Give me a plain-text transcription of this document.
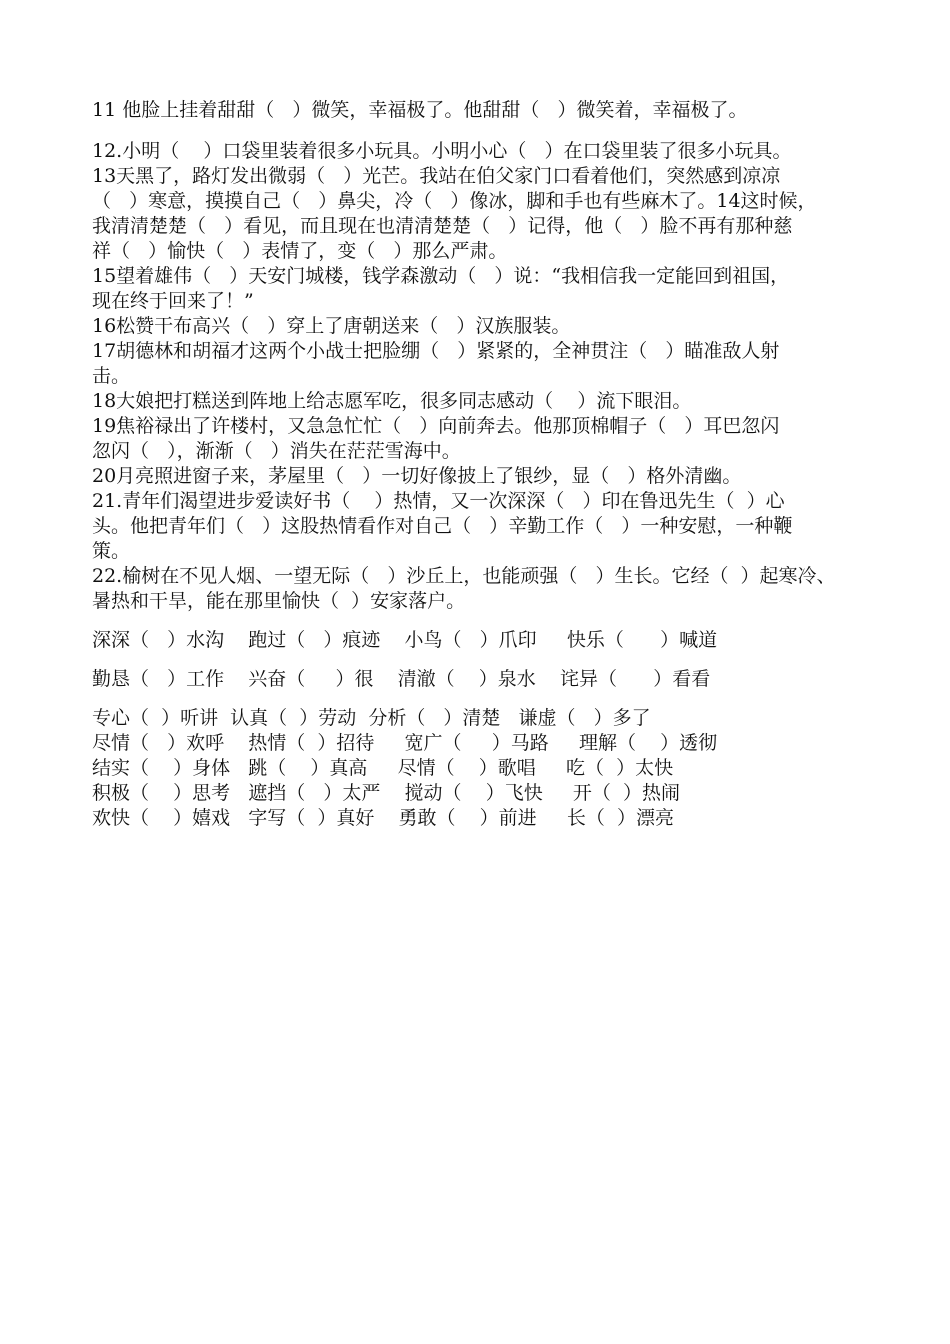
11 他脸上挂着甜甜（   ）微笑，幸福极了。他甜甜（   ）微笑着，幸福极了。

12.小明（    ）口袋里装着很多小玩具。小明小心（   ）在口袋里装了很多小玩具。

13天黑了，路灯发出微弱（   ）光芒。我站在伯父家门口看着他们，突然感到凉凉

（   ）寒意，摸摸自己（   ）鼻尖，冷（   ）像冰，脚和手也有些麻木了。14这时候，

我清清楚楚（   ）看见，而且现在也清清楚楚（   ）记得，他（   ）脸不再有那种慈

祥（   ）愉快（   ）表情了，变（   ）那么严肃。

15望着雄伟（   ）天安门城楼，钱学森激动（   ）说：“我相信我一定能回到祖国，

现在终于回来了！”

16松赞干布高兴（   ）穿上了唐朝送来（   ）汉族服装。

17胡德林和胡福才这两个小战士把脸绷（   ）紧紧的，全神贯注（   ）瞄准敌人射

击。

18大娘把打糕送到阵地上给志愿军吃，很多同志感动（    ）流下眼泪。

19焦裕禄出了许楼村，又急急忙忙（   ）向前奔去。他那顶棉帽子（   ）耳巴忽闪

忽闪（   ），渐渐（   ）消失在茫茫雪海中。

20月亮照进窗子来，茅屋里（   ）一切好像披上了银纱，显（   ）格外清幽。

21.青年们渴望进步爱读好书（    ）热情，又一次深深（   ）印在鲁迅先生（  ）心

头。他把青年们（   ）这股热情看作对自己（   ）辛勤工作（   ）一种安慰，一种鞭

策。

22.榆树在不见人烟、一望无际（   ）沙丘上，也能顽强（   ）生长。它经（  ）起寒冷、

暑热和干旱，能在那里愉快（  ）安家落户。

深深（   ）水沟    跑过（   ）痕迹    小鸟（   ）爪印     快乐（      ）喊道

勤恳（   ）工作    兴奋（     ）很    清澈（    ）泉水    诧异（      ）看看

专心（  ）听讲  认真（  ）劳动  分析（   ）清楚   谦虚（   ）多了

尽情（   ）欢呼    热情（  ）招待     宽广（     ）马路     理解（    ）透彻

结实（    ）身体   跳（    ）真高     尽情（    ）歌唱     吃（  ）太快

积极（    ）思考   遮挡（   ）太严    搅动（    ）飞快     开（  ）热闹

欢快（    ）嬉戏   字写（  ）真好    勇敢（    ）前进     长（  ）漂亮
